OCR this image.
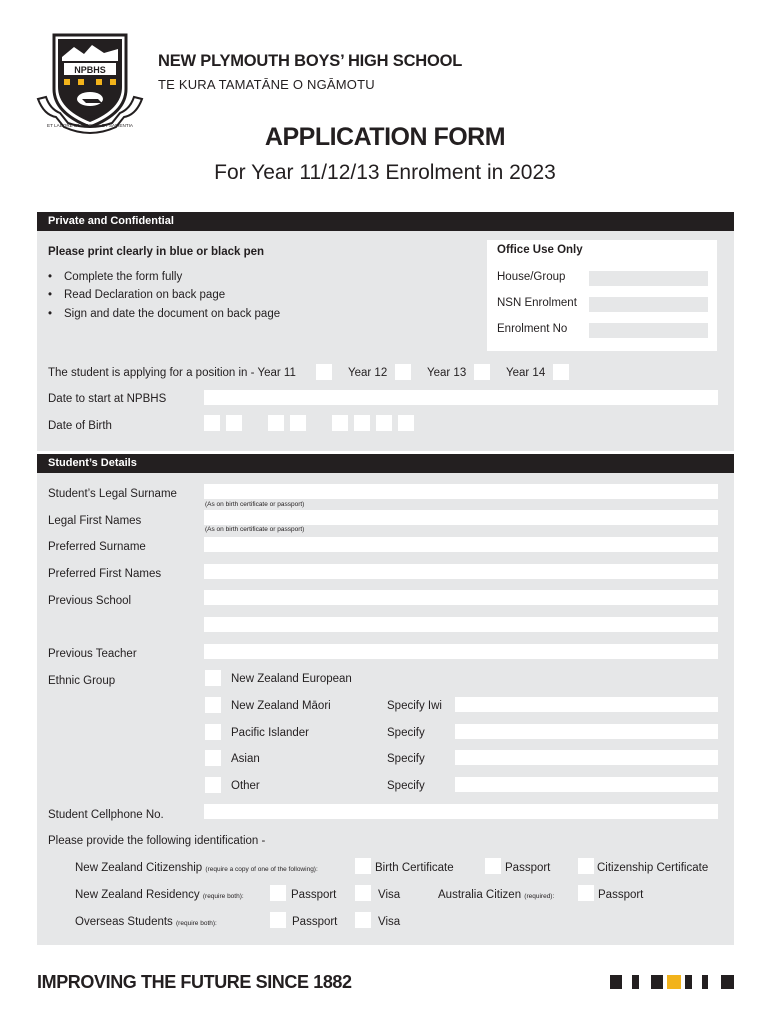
NPBHS
ET LABORE ET VIRTUTE ET SAPIENTIA
1882
NEW PLYMOUTH BOYS’ HIGH SCHOOL
TE KURA TAMATĀNE O NGĀMOTU
APPLICATION FORM
For Year 11/12/13 Enrolment in 2023
Private and Confidential
Please print clearly in blue or black pen
• Complete the form fully
• Read Declaration on back page
• Sign and date the document on back page
Office Use Only
House/Group
NSN Enrolment
Enrolment No
The student is applying for a position in - Year 11	Year 12	Year 13	Year 14
Date to start at NPBHS
Date of Birth
Student’s Details
Student’s Legal Surname
(As on birth certificate or passport)
Legal First Names
(As on birth certificate or passport)
Preferred Surname
Preferred First Names
Previous School
Previous Teacher
Ethnic Group	New Zealand European
New Zealand Māori	Specify Iwi
Pacific Islander	Specify
Asian	Specify
Other	Specify
Student Cellphone No.
Please provide the following identification -
New Zealand Citizenship (require a copy of one of the following):	Birth Certificate	Passport	Citizenship Certificate
New Zealand Residency (require both):	Passport	Visa	Australia Citizen (required):	Passport
Overseas Students (require both):	Passport	Visa
IMPROVING THE FUTURE SINCE 1882
